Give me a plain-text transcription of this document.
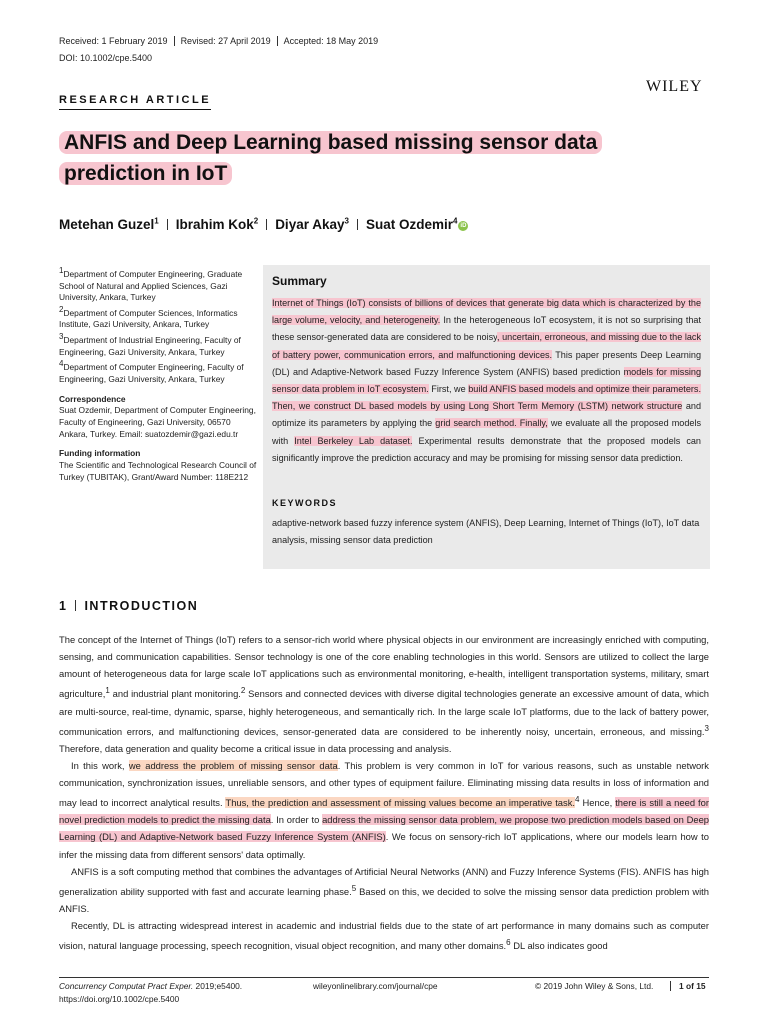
Received: 1 February 2019 Revised: 27 April 2019 Accepted: 18 May 2019
DOI: 10.1002/cpe.5400
WILEY
RESEARCH ARTICLE
ANFIS and Deep Learning based missing sensor data
prediction in IoT
Metehan Guzel$^1$ Ibrahim Kok$^2$ Diyar Akay$^3$ Suat Ozdemir$^4$iD

$^1$Department of Computer Engineering, Graduate School of Natural and Applied Sciences, Gazi University, Ankara, Turkey

$^2$Department of Computer Sciences, Informatics Institute, Gazi University, Ankara, Turkey

$^3$Department of Industrial Engineering, Faculty of Engineering, Gazi University, Ankara, Turkey

$^4$Department of Computer Engineering, Faculty of Engineering, Gazi University, Ankara, Turkey

Correspondence

Suat Ozdemir, Department of Computer Engineering, Faculty of Engineering, Gazi University, 06570 Ankara, Turkey. Email: suatozdemir@gazi.edu.tr

Funding information

The Scientific and Technological Research Council of Turkey (TUBITAK), Grant/Award Number: 118E212

Summary
Internet of Things (IoT) consists of billions of devices that generate big data which is characterized by the large volume, velocity, and heterogeneity. In the heterogeneous IoT ecosystem, it is not so surprising that these sensor-generated data are considered to be noisy, uncertain, erroneous, and missing due to the lack of battery power, communication errors, and malfunctioning devices. This paper presents Deep Learning (DL) and Adaptive-Network based Fuzzy Inference System (ANFIS) based prediction models for missing sensor data problem in IoT ecosystem. First, we build ANFIS based models and optimize their parameters. Then, we construct DL based models by using Long Short Term Memory (LSTM) network structure and optimize its parameters by applying the grid search method. Finally, we evaluate all the proposed models with Intel Berkeley Lab dataset. Experimental results demonstrate that the proposed models can significantly improve the prediction accuracy and may be promising for missing sensor data prediction.
KEYWORDS
adaptive-network based fuzzy inference system (ANFIS), Deep Learning, Internet of Things (IoT), IoT data analysis, missing sensor data prediction
1 INTRODUCTION

The concept of the Internet of Things (IoT) refers to a sensor-rich world where physical objects in our environment are increasingly enriched with computing, sensing, and communication capabilities. Sensor technology is one of the core enabling technologies in this world. Sensors are utilized to collect the large amount of heterogeneous data for large scale IoT applications such as environmental monitoring, e-health, intelligent transportation systems, military, smart agriculture,$^1$ and industrial plant monitoring.$^2$ Sensors and connected devices with diverse digital technologies generate an excessive amount of data, which are multi-source, real-time, dynamic, sparse, highly heterogeneous, and semantically rich. In the large scale IoT platforms, due to the lack of battery power, communication errors, and malfunctioning devices, sensor-generated data are considered to be inherently noisy, uncertain, erroneous, and missing.$^3$ Therefore, data generation and quality become a critical issue in data processing and analysis.

In this work, we address the problem of missing sensor data. This problem is very common in IoT for various reasons, such as unstable network communication, synchronization issues, unreliable sensors, and other types of equipment failure. Eliminating missing data results in loss of information and may lead to incorrect analytical results. Thus, the prediction and assessment of missing values become an imperative task.$^4$ Hence, there is still a need for novel prediction models to predict the missing data. In order to address the missing sensor data problem, we propose two prediction models based on Deep Learning (DL) and Adaptive-Network based Fuzzy Inference System (ANFIS). We focus on sensory-rich IoT applications, where our models learn how to infer the missing data from different sensors' data optimally.

ANFIS is a soft computing method that combines the advantages of Artificial Neural Networks (ANN) and Fuzzy Inference Systems (FIS). ANFIS has high generalization ability supported with fast and accurate learning phase.$^5$ Based on this, we decided to solve the missing sensor data prediction problem with ANFIS.

Recently, DL is attracting widespread interest in academic and industrial fields due to the state of art performance in many domains such as computer vision, natural language processing, speech recognition, visual object recognition, and many other domains.$^6$ DL also indicates good

Concurrency Computat Pract Exper. 2019;e5400.	wileyonlinelibrary.com/journal/cpe	© 2019 John Wiley & Sons, Ltd.	1 of 15
https://doi.org/10.1002/cpe.5400
